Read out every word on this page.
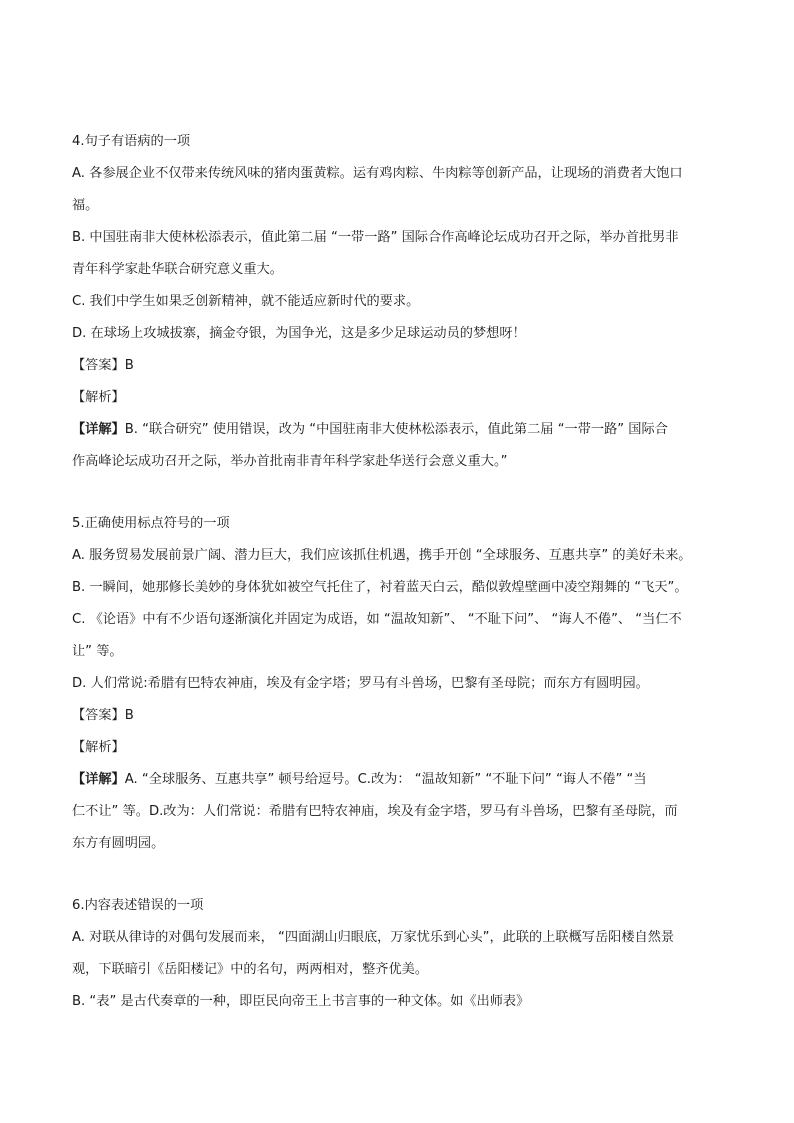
4.句子有语病的一项
A. 各参展企业不仅带来传统风味的猪肉蛋黄粽。运有鸡肉粽、牛肉粽等创新产品，让现场的消费者大饱口
福。
B. 中国驻南非大使林松添表示，值此第二届 “一带一路” 国际合作高峰论坛成功召开之际，举办首批男非
青年科学家赴华联合研究意义重大。
C. 我们中学生如果乏创新精神，就不能适应新时代的要求。
D. 在球场上攻城拔寨，摘金夺银，为国争光，这是多少足球运动员的梦想呀！
【答案】B
【解析】
【详解】B. “联合研究” 使用错误，改为 “中国驻南非大使林松添表示，值此第二届 “一带一路” 国际合
作高峰论坛成功召开之际，举办首批南非青年科学家赴华送行会意义重大。”
5.正确使用标点符号的一项
A. 服务贸易发展前景广阔、潜力巨大，我们应该抓住机遇，携手开创 “全球服务、互惠共享” 的美好未来。
B. 一瞬间，她那修长美妙的身体犹如被空气托住了，衬着蓝天白云，酷似敦煌壁画中凌空翔舞的 “飞天”。
C. 《论语》中有不少语句逐渐演化并固定为成语，如 “温故知新”、 “不耻下问”、 “诲人不倦”、 “当仁不
让” 等。
D. 人们常说:希腊有巴特农神庙，埃及有金字塔；罗马有斗兽场，巴黎有圣母院；而东方有圆明园。
【答案】B
【解析】
【详解】A. “全球服务、互惠共享” 顿号给逗号。C.改为： “温故知新” “不耻下问” “诲人不倦” “当
仁不让” 等。D.改为：人们常说：希腊有巴特农神庙，埃及有金字塔，罗马有斗兽场，巴黎有圣母院，而
东方有圆明园。
6.内容表述错误的一项
A. 对联从律诗的对偶句发展而来， “四面湖山归眼底，万家忧乐到心头”，此联的上联概写岳阳楼自然景
观，下联暗引《岳阳楼记》中的名句，两两相对，整齐优美。
B. “表” 是古代奏章的一种，即臣民向帝王上书言事的一种文体。如《出师表》
